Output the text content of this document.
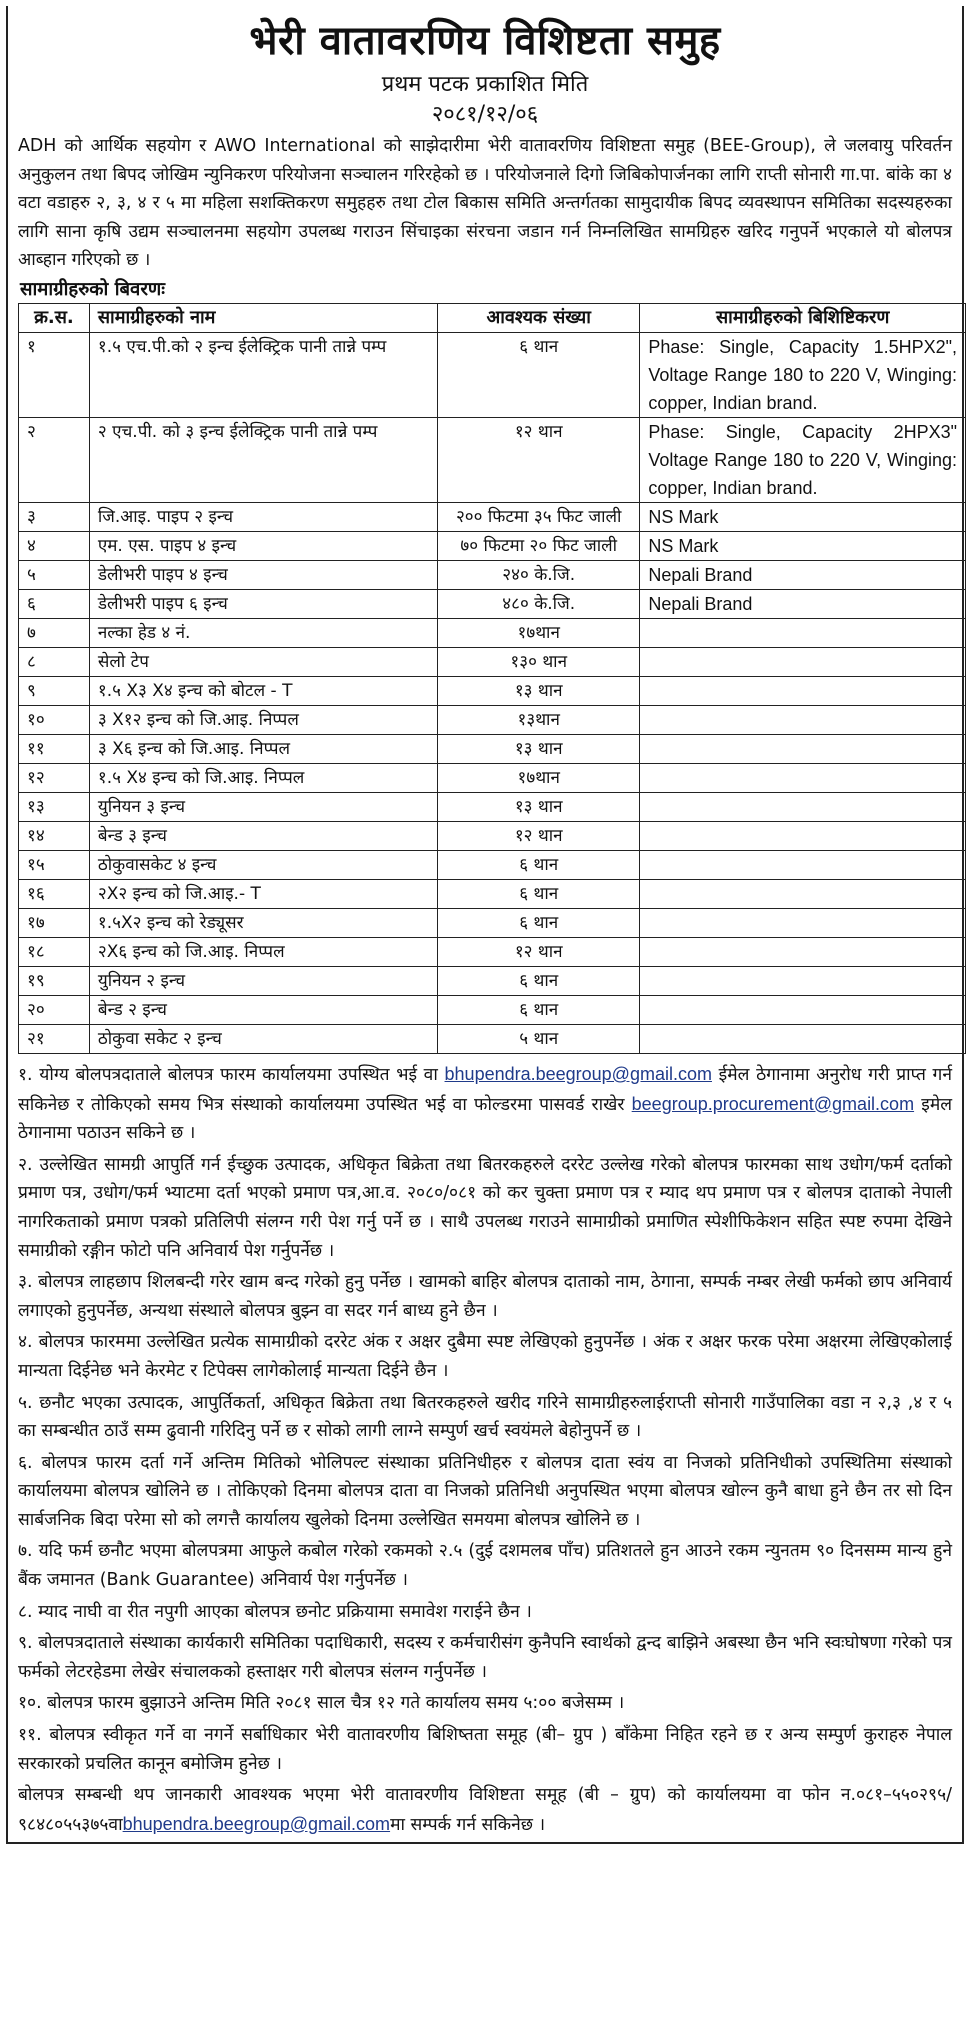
भेरी वातावरणिय विशिष्टता समुह
प्रथम पटक प्रकाशित मिति
२०८१/१२/०६

ADH को आर्थिक सहयोग र AWO International को साझेदारीमा भेरी वातावरणिय विशिष्टता समुह (BEE-Group), ले जलवायु परिवर्तन अनुकुलन तथा बिपद जोखिम न्युनिकरण परियोजना सञ्चालन गरिरहेको छ । परियोजनाले दिगो जिबिकोपार्जनका लागि राप्ती सोनारी गा.पा. बांके का ४ वटा वडाहरु २, ३, ४ र ५ मा महिला सशक्तिकरण समुहहरु तथा टोल बिकास समिति अन्तर्गतका सामुदायीक बिपद व्यवस्थापन समितिका सदस्यहरुका लागि साना कृषि उद्यम सञ्चालनमा सहयोग उपलब्ध गराउन सिंचाइका संरचना जडान गर्न निम्नलिखित सामग्रिहरु खरिद गनुपर्ने भएकाले यो बोलपत्र आब्हान गरिएको छ ।

सामाग्रीहरुको बिवरणः
क्र.स.	सामाग्रीहरुको नाम	आवश्यक संख्या	सामाग्रीहरुको बिशिष्टिकरण
१	१.५ एच.पी.को २ इन्च ईलेक्ट्रिक पानी तान्ने पम्प	६ थान	Phase: Single, Capacity 1.5HPX2", Voltage Range 180 to 220 V, Winging: copper, Indian brand.
२	२ एच.पी. को ३ इन्च ईलेक्ट्रिक पानी तान्ने पम्प	१२ थान	Phase: Single, Capacity 2HPX3" Voltage Range 180 to 220 V, Winging: copper, Indian brand.
३	जि.आइ. पाइप २ इन्च	२०० फिटमा ३५ फिट जाली	NS Mark
४	एम. एस. पाइप ४ इन्च	७० फिटमा २० फिट जाली	NS Mark
५	डेलीभरी पाइप ४ इन्च	२४० के.जि.	Nepali Brand
६	डेलीभरी पाइप ६ इन्च	४८० के.जि.	Nepali Brand
७	नल्का हेड ४ नं.	१७थान	
८	सेलो टेप	१३० थान	
९	१.५ X३ X४ इन्च को बोटल - T	१३ थान	
१०	३ X१२ इन्च को जि.आइ. निप्पल	१३थान	
११	३ X६ इन्च को जि.आइ. निप्पल	१३ थान	
१२	१.५ X४ इन्च को जि.आइ. निप्पल	१७थान	
१३	युनियन ३ इन्च	१३ थान	
१४	बेन्ड ३ इन्च	१२ थान	
१५	ठोकुवासकेट ४ इन्च	६ थान	
१६	२X२ इन्च को जि.आइ.- T	६ थान	
१७	१.५X२ इन्च को रेड्यूसर	६ थान	
१८	२X६ इन्च को जि.आइ. निप्पल	१२ थान	
१९	युनियन २ इन्च	६ थान	
२०	बेन्ड २ इन्च	६ थान	
२१	ठोकुवा सकेट २ इन्च	५ थान	

१. योग्य बोलपत्रदाताले बोलपत्र फारम कार्यालयमा उपस्थित भई वा bhupendra.beegroup@gmail.com ईमेल ठेगानामा अनुरोध गरी प्राप्त गर्न सकिनेछ र तोकिएको समय भित्र संस्थाको कार्यालयमा उपस्थित भई वा फोल्डरमा पासवर्ड राखेर beegroup.procurement@gmail.com इमेल ठेगानामा पठाउन सकिने छ ।

२. उल्लेखित सामग्री आपुर्ति गर्न ईच्छुक उत्पादक, अधिकृत बिक्रेता तथा बितरकहरुले दररेट उल्लेख गरेको बोलपत्र फारमका साथ उधोग/फर्म दर्ताको प्रमाण पत्र, उधोग/फर्म भ्याटमा दर्ता भएको प्रमाण पत्र,आ.व. २०८०/०८१ को कर चुक्ता प्रमाण पत्र र म्याद थप प्रमाण पत्र र बोलपत्र दाताको नेपाली नागरिकताको प्रमाण पत्रको प्रतिलिपी संलग्न गरी पेश गर्नु पर्ने छ । साथै उपलब्ध गराउने सामाग्रीको प्रमाणित स्पेशीफिकेशन सहित स्पष्ट रुपमा देखिने समाग्रीको रङ्गीन फोटो पनि अनिवार्य पेश गर्नुपर्नेछ ।

३. बोलपत्र लाहछाप शिलबन्दी गरेर खाम बन्द गरेको हुनु पर्नेछ । खामको बाहिर बोलपत्र दाताको नाम, ठेगाना, सम्पर्क नम्बर लेखी फर्मको छाप अनिवार्य लगाएको हुनुपर्नेछ, अन्यथा संस्थाले बोलपत्र बुझ्न वा सदर गर्न बाध्य हुने छैन ।

४. बोलपत्र फारममा उल्लेखित प्रत्येक सामाग्रीको दररेट अंक र अक्षर दुबैमा स्पष्ट लेखिएको हुनुपर्नेछ । अंक र अक्षर फरक परेमा अक्षरमा लेखिएकोलाई मान्यता दिईनेछ भने केरमेट र टिपेक्स लागेकोलाई मान्यता दिईने छैन ।

५. छनौट भएका उत्पादक, आपुर्तिकर्ता, अधिकृत बिक्रेता तथा बितरकहरुले खरीद गरिने सामाग्रीहरुलाईराप्ती सोनारी गाउँपालिका वडा न २,३ ,४ र ५ का सम्बन्धीत ठाउँ सम्म ढुवानी गरिदिनु पर्ने छ र सोको लागी लाग्ने सम्पुर्ण खर्च स्वयंमले बेहोनुपर्ने छ ।

६. बोलपत्र फारम दर्ता गर्ने अन्तिम मितिको भोलिपल्ट संस्थाका प्रतिनिधीहरु र बोलपत्र दाता स्वंय वा निजको प्रतिनिधीको उपस्थितिमा संस्थाको कार्यालयमा बोलपत्र खोलिने छ । तोकिएको दिनमा बोलपत्र दाता वा निजको प्रतिनिधी अनुपस्थित भएमा बोलपत्र खोल्न कुनै बाधा हुने छैन तर सो दिन सार्बजनिक बिदा परेमा सो को लगत्तै कार्यालय खुलेको दिनमा उल्लेखित समयमा बोलपत्र खोलिने छ ।

७. यदि फर्म छनौट भएमा बोलपत्रमा आफुले कबोल गरेको रकमको २.५ (दुई दशमलब पाँच) प्रतिशतले हुन आउने रकम न्युनतम ९० दिनसम्म मान्य हुने बैंक जमानत (Bank Guarantee) अनिवार्य पेश गर्नुपर्नेछ ।

८. म्याद नाघी वा रीत नपुगी आएका बोलपत्र छनोट प्रक्रियामा समावेश गराईने छैन ।

९. बोलपत्रदाताले संस्थाका कार्यकारी समितिका पदाधिकारी, सदस्य र कर्मचारीसंग कुनैपनि स्वार्थको द्वन्द बाझिने अबस्था छैन भनि स्वःघोषणा गरेको पत्र फर्मको लेटरहेडमा लेखेर संचालकको हस्ताक्षर गरी बोलपत्र संलग्न गर्नुपर्नेछ ।

१०. बोलपत्र फारम बुझाउने अन्तिम मिति २०८१ साल चैत्र १२ गते कार्यालय समय ५:०० बजेसम्म ।

११. बोलपत्र स्वीकृत गर्ने वा नगर्ने सर्बाधिकार भेरी वातावरणीय बिशिष्तता समूह (बी– ग्रुप ) बाँकेमा निहित रहने छ र अन्य सम्पुर्ण कुराहरु नेपाल सरकारको प्रचलित कानून बमोजिम हुनेछ ।

बोलपत्र सम्बन्धी थप जानकारी आवश्यक भएमा भेरी वातावरणीय विशिष्टता समूह (बी – ग्रुप) को कार्यालयमा वा फोन न.०८१–५५०२९५/ ९८४८०५५३७५वाbhupendra.beegroup@gmail.comमा सम्पर्क गर्न सकिनेछ ।
